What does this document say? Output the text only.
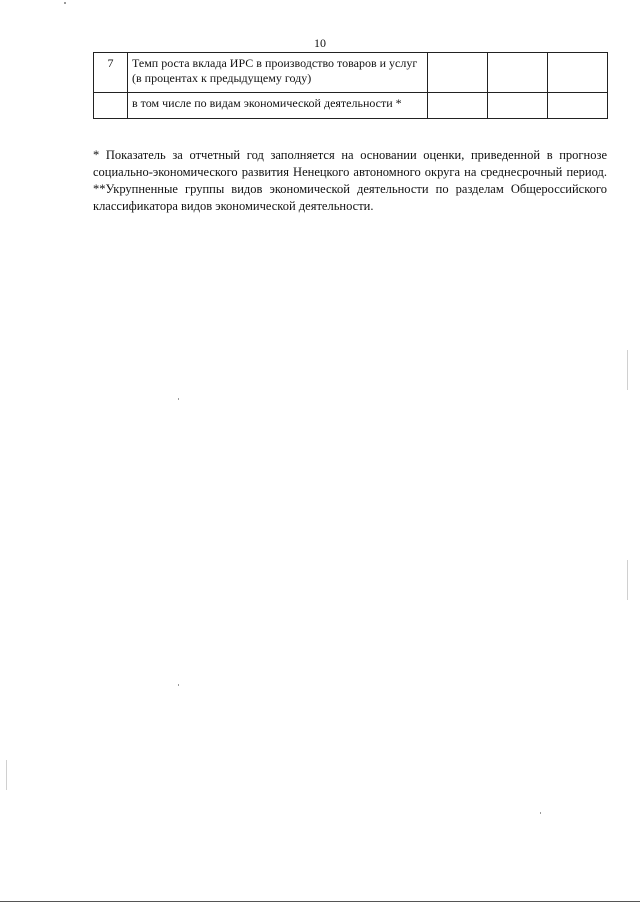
10
7	Темп роста вклада ИРС в производство товаров и услуг (в процентах к предыдущему году)			
	в том числе по видам экономической деятельности *			

* Показатель за отчетный год заполняется на основании оценки, приведенной в прогнозе социально-экономического развития Ненецкого автономного округа на среднесрочный период. **Укрупненные группы видов экономической деятельности по разделам Общероссийского классификатора видов экономической деятельности.
